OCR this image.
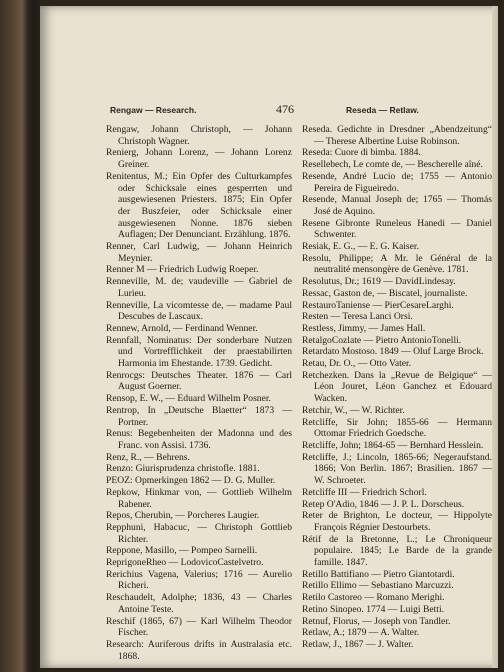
Rengaw — Research.	476	Reseda — Retlaw.

Rengaw, Johann Christoph, — Johann Christoph Wagner.

Renierg, Johann Lorenz, — Johann Lorenz Greiner.

Renitentus, M.; Ein Opfer des Culturkampfes oder Schicksale eines gesperrten und ausgewiesenen Priesters. 1875; Ein Opfer der Buszfeier, oder Schicksale einer ausgewiesenen Nonne. 1876 sieben Auflagen; Der Denunciant. Erzählung. 1876.

Renner, Carl Ludwig, — Johann Heinrich Meynier.

Renner M — Friedrich Ludwig Roeper.

Renneville, M. de; vaudeville — Gabriel de Lurieu.

Renneville, La vicomtesse de, — madame Paul Descubes de Lascaux.

Rennew, Arnold, — Ferdinand Wenner.

Rennfall, Nominatus: Der sonderbare Nutzen und Vortrefflichkeit der praestabilirten Harmonia im Ehestande. 1739. Gedicht.

Renrocgs: Deutsches Theater. 1876 — Carl August Goerner.

Rensop, E. W., — Eduard Wilhelm Posner.

Rentrop, In „Deutsche Blaetter“ 1873 — Portner.

Renus: Begebenheiten der Madonna und des Franc. von Assisi. 1736.

Renz, R., — Behrens.

Renzo: Giurisprudenza christofle. 1881.

PEOZ: Opmerkingen 1862 — D. G. Muller.

Repkow, Hinkmar von, — Gottlieb Wilhelm Rabener.

Repos, Cherubin, — Porcheres Laugier.

Repphuni, Habacuc, — Christoph Gottlieb Richter.

Reppone, Masillo, — Pompeo Sarnelli.

ReprigoneRheo — LodovicoCastelvetro.

Rerichius Vagena, Valerius; 1716 — Aurelio Richeri.

Reschaudelt, Adolphe; 1836, 43 — Charles Antoine Teste.

Reschif (1865, 67) — Karl Wilhelm Theodor Fischer.

Research: Auriferous drifts in Australasia etc. 1868.

Reseda. Gedichte in Dresdner „Abendzeitung“ — Therese Albertine Luise Robinson.

Reseda: Cuore di bimba. 1884.

Resellebech, Le comte de, — Bescherelle aîné.

Resende, André Lucio de; 1755 — Antonio Pereira de Figueiredo.

Resende, Manual Joseph de; 1765 — Thomás José de Aquino.

Resene Gibronte Runeleus Hanedi — Daniel Schwenter.

Resiak, E. G., — E. G. Kaiser.

Resolu, Philippe; A Mr. le Général de la neutralité mensongère de Genève. 1781.

Resolutus, Dr.; 1619 — DavidLindesay.

Ressac, Gaston de, — Biscatel, journaliste.

RestauroTaniense — PierCesareLarghi.

Resten — Teresa Lanci Orsi.

Restless, Jimmy, — James Hall.

RetalgoCozlate — Pietro AntonioTonelli.

Retardato Mostoso. 1849 — Oluf Large Brock.

Retau, Dr. O., — Otto Vater.

Retchezken. Dans la „Revue de Belgique“ — Léon Jouret, Léon Ganchez et Edouard Wacken.

Retchir, W., — W. Richter.

Retcliffe, Sir John; 1855-66 — Hermann Ottomar Friedrich Goedsche.

Retcliffe, John; 1864-65 — Bernhard Hesslein.

Retcliffe, J.; Lincoln, 1865-66; Negeraufstand. 1866; Von Berlin. 1867; Brasilien. 1867 — W. Schroeter.

Retcliffe III — Friedrich Schorl.

Retep O'Adio, 1846 — J. P. L. Dorscheus.

Reter de Brighton, Le docteur, — Hippolyte François Régnier Destourbets.

Rétif de la Bretonne, L.; Le Chroniqueur populaire. 1845; Le Barde de la grande famille. 1847.

Retillo Battifiano — Pietro Giantotardi.

Retillo Ellimo — Sebastiano Marcuzzi.

Retilo Castoreo — Romano Merighi.

Retino Sinopeo. 1774 — Luigi Betti.

Retnuf, Florus, — Joseph von Tandler.

Retlaw, A.; 1879 — A. Walter.

Retlaw, J., 1867 — J. Walter.
